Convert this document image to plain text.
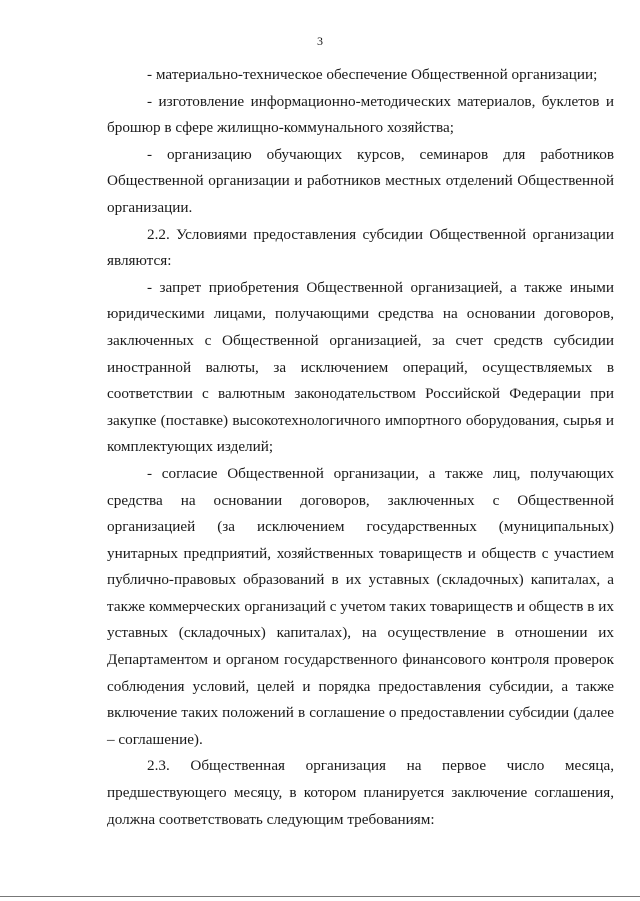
3

- материально-техническое обеспечение Общественной организации;

- изготовление информационно-методических материалов, буклетов и брошюр в сфере жилищно-коммунального хозяйства;

- организацию обучающих курсов, семинаров для работников Общественной организации и работников местных отделений Общественной организации.

2.2. Условиями предоставления субсидии Общественной организации являются:

- запрет приобретения Общественной организацией, а также иными юридическими лицами, получающими средства на основании договоров, заключенных с Общественной организацией, за счет средств субсидии иностранной валюты, за исключением операций, осуществляемых в соответствии с валютным законодательством Российской Федерации при закупке (поставке) высокотехнологичного импортного оборудования, сырья и комплектующих изделий;

- согласие Общественной организации, а также лиц, получающих средства на основании договоров, заключенных с Общественной организацией (за исключением государственных (муниципальных) унитарных предприятий, хозяйственных товариществ и обществ с участием публично-правовых образований в их уставных (складочных) капиталах, а также коммерческих организаций с учетом таких товариществ и обществ в их уставных (складочных) капиталах), на осуществление в отношении их Департаментом и органом государственного финансового контроля проверок соблюдения условий, целей и порядка предоставления субсидии, а также включение таких положений в соглашение о предоставлении субсидии (далее – соглашение).

2.3. Общественная организация на первое число месяца, предшествующего месяцу, в котором планируется заключение соглашения, должна соответствовать следующим требованиям:
